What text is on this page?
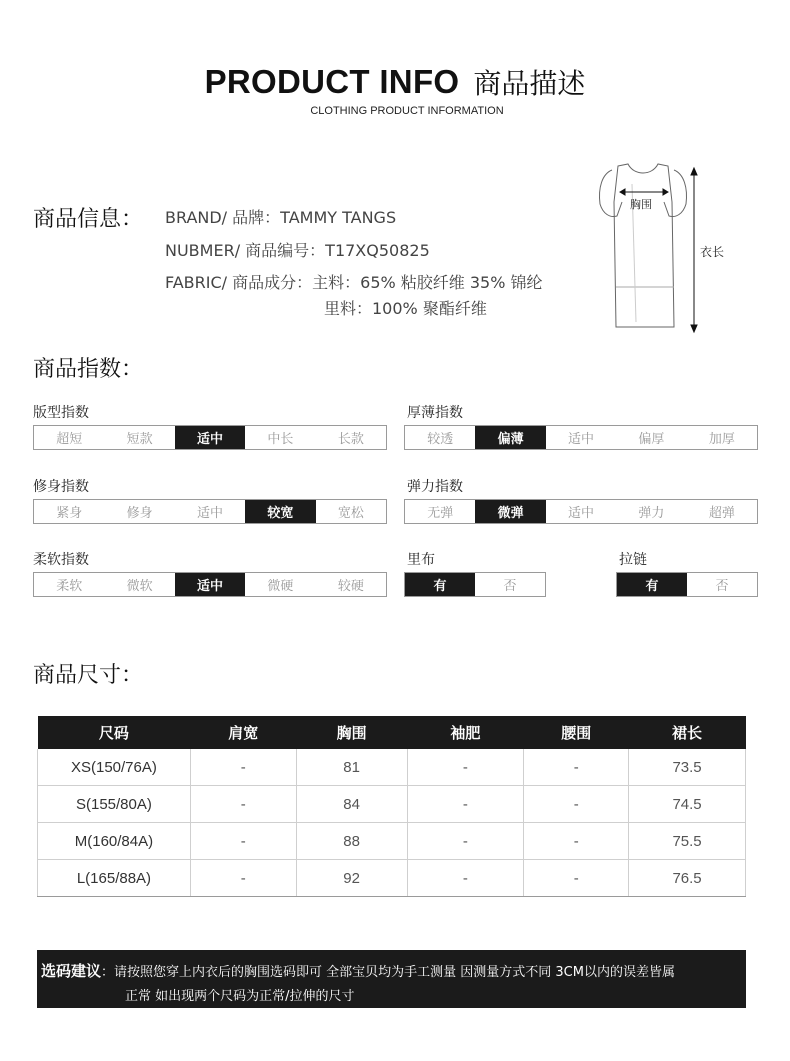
PRODUCT INFO 商品描述
CLOTHING PRODUCT INFORMATION
商品信息： BRAND/ 品牌：TAMMY TANGS
NUBMER/ 商品编号：T17XQ50825
FABRIC/ 商品成分：主料：65% 粘胶纤维 35% 锦纶
里料：100% 聚酯纤维
胸围
衣长
商品指数：
版型指数
超短	短款	适中	中长	长款
厚薄指数
较透	偏薄	适中	偏厚	加厚
修身指数
紧身	修身	适中	较宽	宽松
弹力指数
无弹	微弹	适中	弹力	超弹
柔软指数
柔软	微软	适中	微硬	较硬
里布
有	否
拉链
有	否
商品尺寸：
尺码	肩宽	胸围	袖肥	腰围	裙长
XS(150/76A)	-	81	-	-	73.5
S(155/80A)	-	84	-	-	74.5
M(160/84A)	-	88	-	-	75.5
L(165/88A)	-	92	-	-	76.5
选码建议：请按照您穿上内衣后的胸围选码即可 全部宝贝均为手工测量 因测量方式不同 3CM以内的误差皆属
正常 如出现两个尺码为正常/拉伸的尺寸
